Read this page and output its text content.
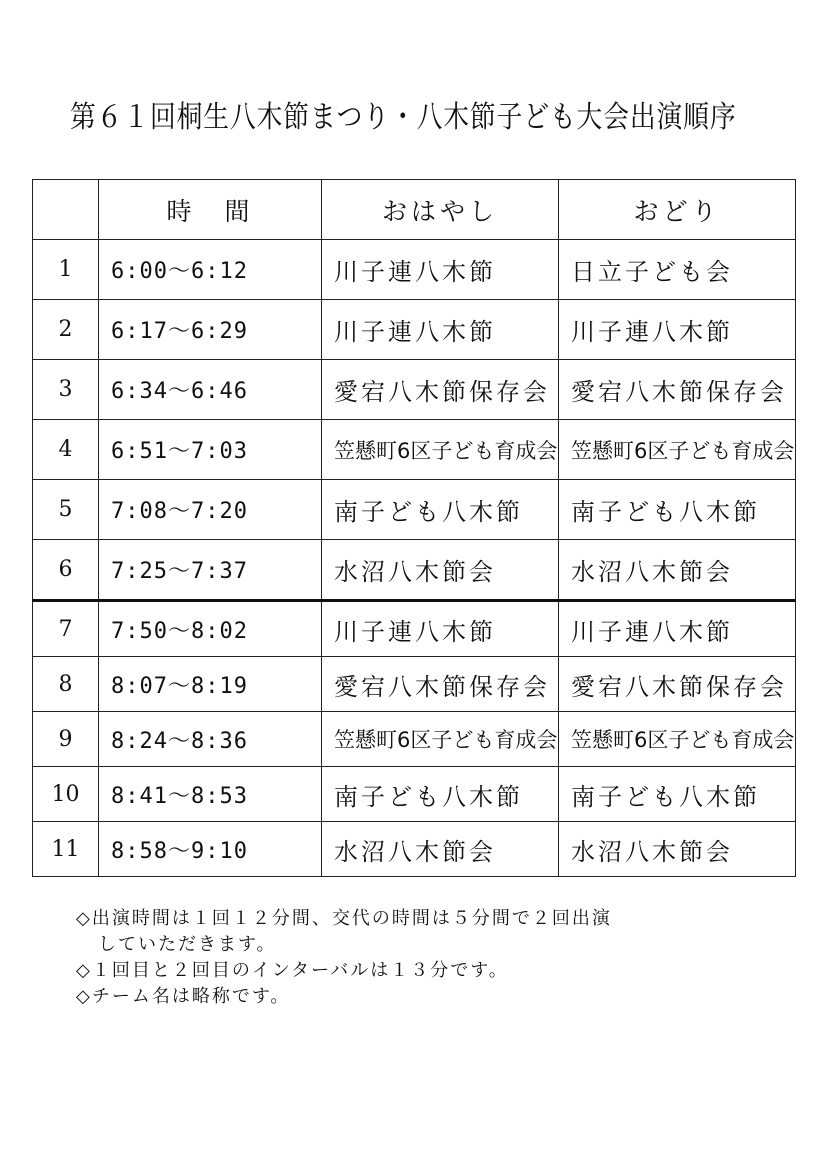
第６１回桐生八木節まつり・八木節子ども大会出演順序
	時　間	おはやし	おどり
1	6:00〜6:12	川子連八木節	日立子ども会
2	6:17〜6:29	川子連八木節	川子連八木節
3	6:34〜6:46	愛宕八木節保存会	愛宕八木節保存会
4	6:51〜7:03	笠懸町6区子ども育成会	笠懸町6区子ども育成会
5	7:08〜7:20	南子ども八木節	南子ども八木節
6	7:25〜7:37	水沼八木節会	水沼八木節会
7	7:50〜8:02	川子連八木節	川子連八木節
8	8:07〜8:19	愛宕八木節保存会	愛宕八木節保存会
9	8:24〜8:36	笠懸町6区子ども育成会	笠懸町6区子ども育成会
10	8:41〜8:53	南子ども八木節	南子ども八木節
11	8:58〜9:10	水沼八木節会	水沼八木節会
◇出演時間は１回１２分間、交代の時間は５分間で２回出演
していただきます。
◇１回目と２回目のインターバルは１３分です。
◇チーム名は略称です。
